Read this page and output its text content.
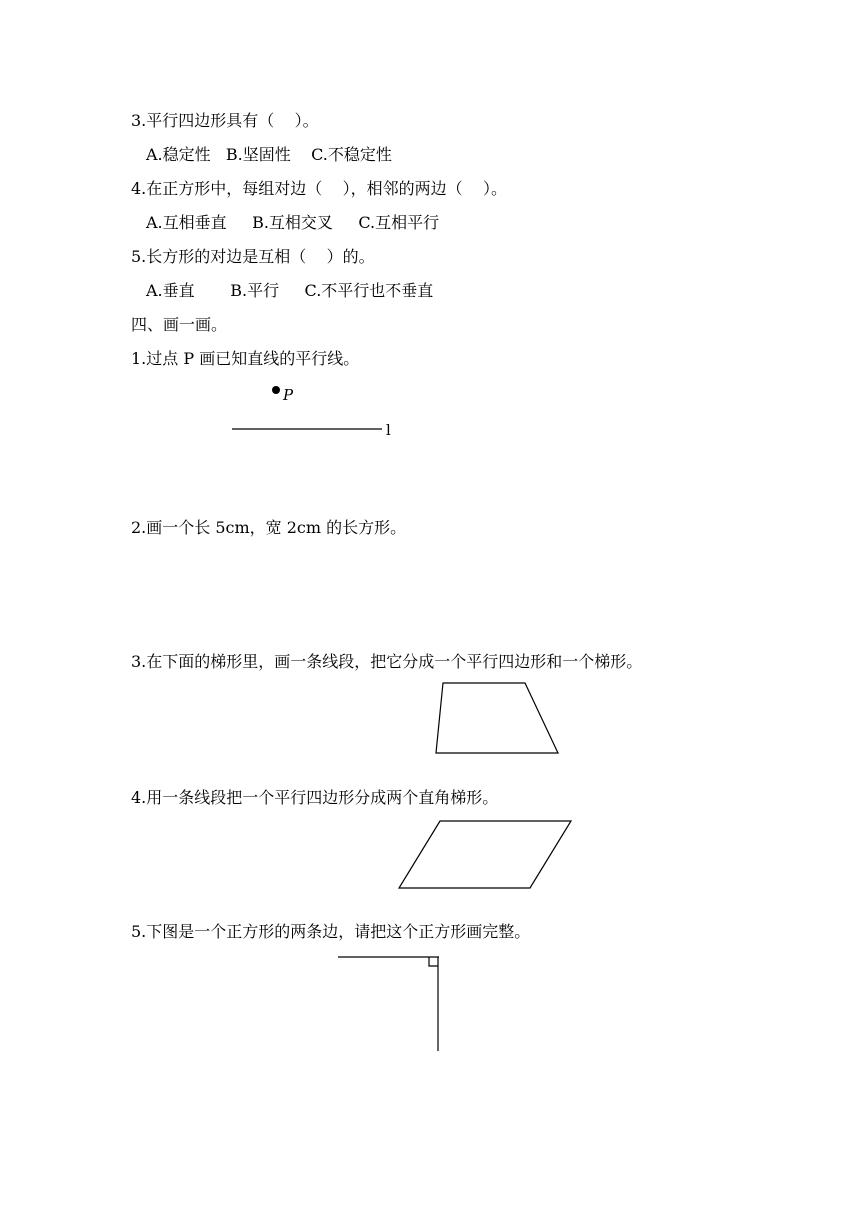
3.平行四边形具有（    ）。
A.稳定性   B.坚固性    C.不稳定性
4.在正方形中，每组对边（    ），相邻的两边（    ）。
A.互相垂直     B.互相交叉     C.互相平行
5.长方形的对边是互相（    ）的。
A.垂直       B.平行     C.不平行也不垂直
四、画一画。
1.过点 P 画已知直线的平行线。
P
l
2.画一个长 5cm，宽 2cm 的长方形。
3.在下面的梯形里，画一条线段，把它分成一个平行四边形和一个梯形。
4.用一条线段把一个平行四边形分成两个直角梯形。
5.下图是一个正方形的两条边，请把这个正方形画完整。
